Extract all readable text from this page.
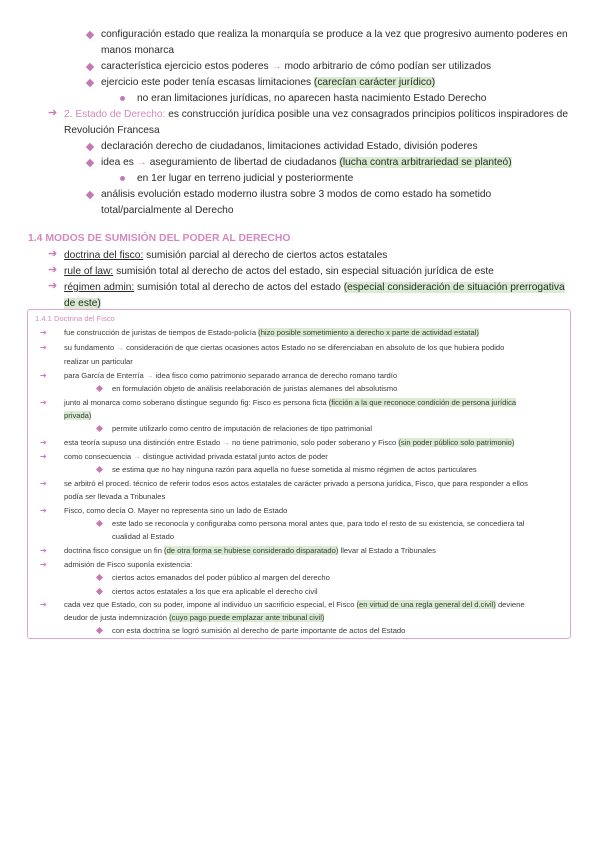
configuración estado que realiza la monarquía se produce a la vez que progresivo aumento poderes en
manos monarca
característica ejercicio estos poderes → modo arbitrario de cómo podían ser utilizados
ejercicio este poder tenía escasas limitaciones (carecían carácter jurídico)
no eran limitaciones jurídicas, no aparecen hasta nacimiento Estado Derecho
➔ 2. Estado de Derecho: es construcción jurídica posible una vez consagrados principios políticos inspiradores de
Revolución Francesa
declaración derecho de ciudadanos, limitaciones actividad Estado, división poderes
idea es → aseguramiento de libertad de ciudadanos (lucha contra arbitrariedad se planteó)
en 1er lugar en terreno judicial y posteriormente
análisis evolución estado moderno ilustra sobre 3 modos de como estado ha sometido
total/parcialmente al Derecho
1.4 MODOS DE SUMISIÓN DEL PODER AL DERECHO
➔ doctrina del fisco: sumisión parcial al derecho de ciertos actos estatales
➔ rule of law: sumisión total al derecho de actos del estado, sin especial situación jurídica de este
➔ régimen admin: sumisión total al derecho de actos del estado (especial consideración de situación prerrogativa
de este)
1.4.1 Doctrina del Fisco
➔ fue construcción de juristas de tiempos de Estado-policía (hizo posible sometimiento a derecho x parte de actividad estatal)
➔ su fundamento → consideración de que ciertas ocasiones actos Estado no se diferenciaban en absoluto de los que hubiera podido
realizar un particular
➔ para García de Enterría → idea fisco como patrimonio separado arranca de derecho romano tardío
en formulación objeto de análisis reelaboración de juristas alemanes del absolutismo
➔ junto al monarca como soberano distingue segundo fig: Fisco es persona ficta (ficción a la que reconoce condición de persona jurídica
privada)
permite utilizarlo como centro de imputación de relaciones de tipo patrimonial
➔ esta teoría supuso una distinción entre Estado → no tiene patrimonio, solo poder soberano y Fisco (sin poder público solo patrimonio)
➔ como consecuencia → distingue actividad privada estatal junto actos de poder
se estima que no hay ninguna razón para aquella no fuese sometida al mismo régimen de actos particulares
➔ se arbitró el proced. técnico de referir todos esos actos estatales de carácter privado a persona jurídica, Fisco, que para responder a ellos
podía ser llevada a Tribunales
➔ Fisco, como decía O. Mayer no representa sino un lado de Estado
este lado se reconocía y configuraba como persona moral antes que, para todo el resto de su existencia, se concediera tal
cualidad al Estado
➔ doctrina fisco consigue un fin (de otra forma se hubiese considerado disparatado) llevar al Estado a Tribunales
➔ admisión de Fisco suponía existencia:
ciertos actos emanados del poder público al margen del derecho
ciertos actos estatales a los que era aplicable el derecho civil
➔ cada vez que Estado, con su poder, impone al individuo un sacrificio especial, el Fisco (en virtud de una regla general del d.civil) deviene
deudor de justa indemnización (cuyo pago puede emplazar ante tribunal civil)
con esta doctrina se logró sumisión al derecho de parte importante de actos del Estado
